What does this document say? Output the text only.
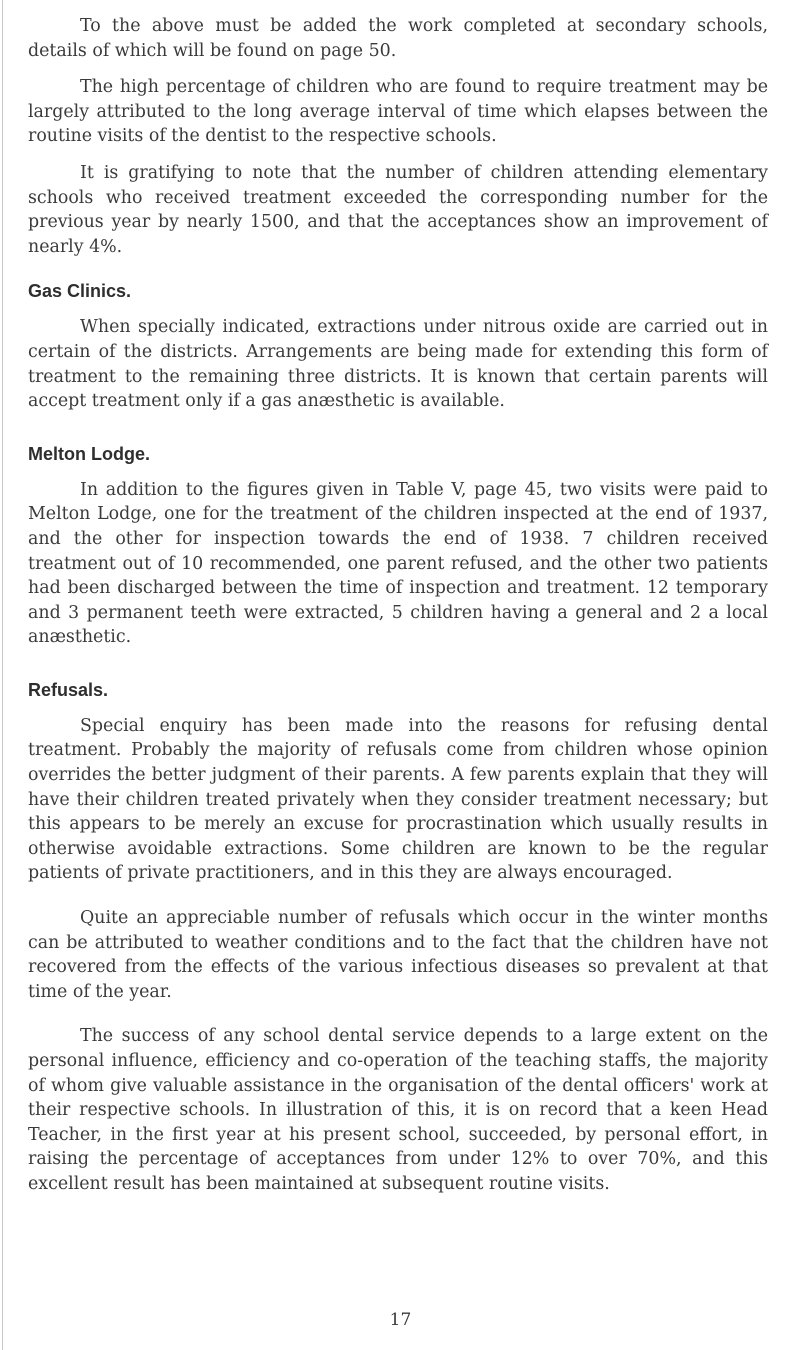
To the above must be added the work completed at secondary schools, details of which will be found on page 50.

The high percentage of children who are found to require treatment may be largely attributed to the long average interval of time which elapses between the routine visits of the dentist to the respective schools.

It is gratifying to note that the number of children attending elementary schools who received treatment exceeded the corresponding number for the previous year by nearly 1500, and that the acceptances show an improvement of nearly 4%.

Gas Clinics.

When specially indicated, extractions under nitrous oxide are carried out in certain of the districts. Arrangements are being made for extending this form of treatment to the remaining three districts. It is known that certain parents will accept treatment only if a gas anæsthetic is available.

Melton Lodge.

In addition to the figures given in Table V, page 45, two visits were paid to Melton Lodge, one for the treatment of the children inspected at the end of 1937, and the other for inspection towards the end of 1938. 7 children received treatment out of 10 recommended, one parent refused, and the other two patients had been discharged between the time of inspection and treatment. 12 temporary and 3 permanent teeth were extracted, 5 children having a general and 2 a local anæsthetic.

Refusals.

Special enquiry has been made into the reasons for refusing dental treatment. Probably the majority of refusals come from children whose opinion overrides the better judgment of their parents. A few parents explain that they will have their children treated privately when they consider treatment necessary; but this appears to be merely an excuse for procrastination which usually results in otherwise avoidable extractions. Some children are known to be the regular patients of private practitioners, and in this they are always encouraged.

Quite an appreciable number of refusals which occur in the winter months can be attributed to weather conditions and to the fact that the children have not recovered from the effects of the various infectious diseases so prevalent at that time of the year.

The success of any school dental service depends to a large extent on the personal influence, efficiency and co-operation of the teaching staffs, the majority of whom give valuable assistance in the organisation of the dental officers' work at their respective schools. In illustration of this, it is on record that a keen Head Teacher, in the first year at his present school, succeeded, by personal effort, in raising the percentage of acceptances from under 12% to over 70%, and this excellent result has been maintained at subsequent routine visits.

17
